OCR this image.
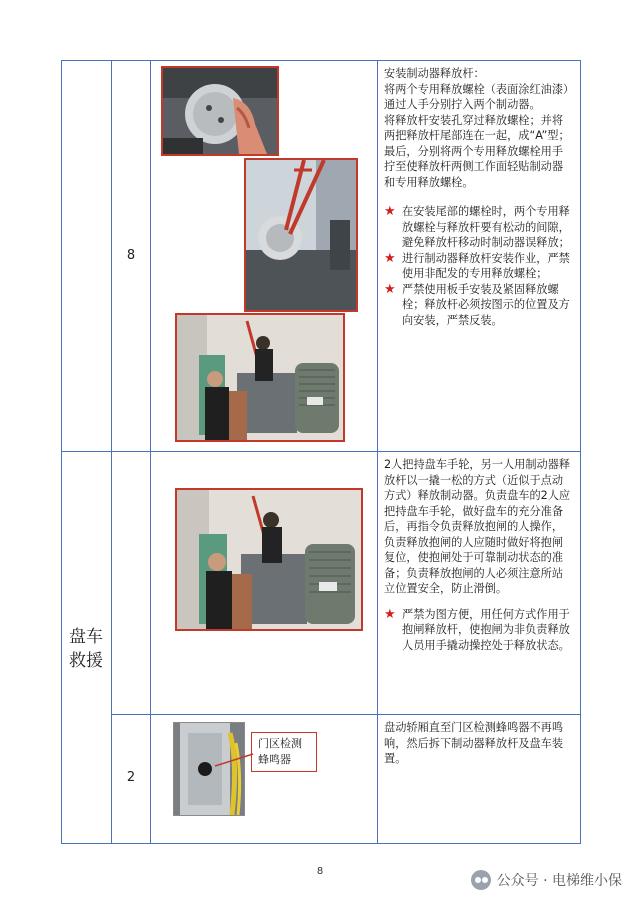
盘车救援
8
2

安装制动器释放杆：

将两个专用释放螺栓（表面涂红油漆）通过人手分别拧入两个制动器。

将释放杆安装孔穿过释放螺栓；并将两把释放杆尾部连在一起，成“A”型；

最后，分别将两个专用释放螺栓用手拧至使释放杆两侧工作面轻贴制动器和专用释放螺栓。

★ 在安装尾部的螺栓时，两个专用释放螺栓与释放杆要有松动的间隙，避免释放杆移动时制动器误释放；

★ 进行制动器释放杆安装作业，严禁使用非配发的专用释放螺栓；

★ 严禁使用板手安装及紧固释放螺栓；释放杆必须按图示的位置及方向安装，严禁反装。

2人把持盘车手轮，另一人用制动器释放杆以一撬一松的方式（近似于点动方式）释放制动器。负责盘车的2人应把持盘车手轮，做好盘车的充分准备后，再指令负责释放抱闸的人操作，负责释放抱闸的人应随时做好将抱闸复位，使抱闸处于可靠制动状态的准备；负责释放抱闸的人必须注意所站立位置安全，防止滑倒。

★ 严禁为图方便，用任何方式作用于抱闸释放杆，使抱闸为非负责释放人员用手撬动操控处于释放状态。

门区检测蜂鸣器

盘动轿厢直至门区检测蜂鸣器不再鸣响，然后拆下制动器释放杆及盘车装置。

8
公众号 · 电梯维小保
